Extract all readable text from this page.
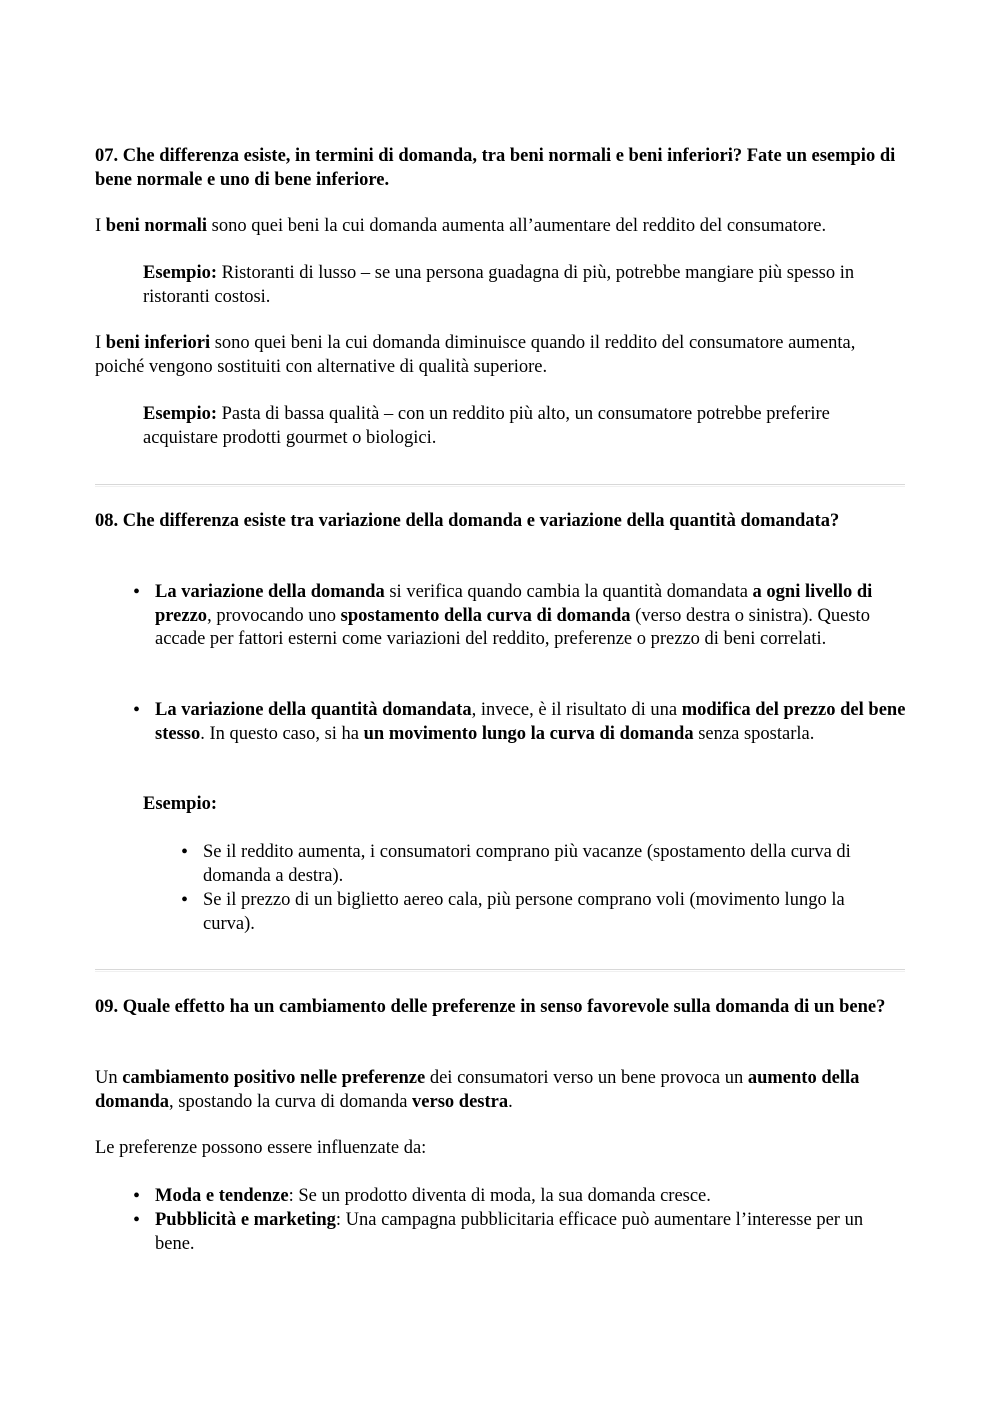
07. Che differenza esiste, in termini di domanda, tra beni normali e beni inferiori? Fate un esempio di bene normale e uno di bene inferiore.
I beni normali sono quei beni la cui domanda aumenta all’aumentare del reddito del consumatore.
Esempio: Ristoranti di lusso – se una persona guadagna di più, potrebbe mangiare più spesso in ristoranti costosi.
I beni inferiori sono quei beni la cui domanda diminuisce quando il reddito del consumatore aumenta, poiché vengono sostituiti con alternative di qualità superiore.
Esempio: Pasta di bassa qualità – con un reddito più alto, un consumatore potrebbe preferire acquistare prodotti gourmet o biologici.
08. Che differenza esiste tra variazione della domanda e variazione della quantità domandata?
• La variazione della domanda si verifica quando cambia la quantità domandata a ogni livello di prezzo, provocando uno spostamento della curva di domanda (verso destra o sinistra). Questo accade per fattori esterni come variazioni del reddito, preferenze o prezzo di beni correlati.
• La variazione della quantità domandata, invece, è il risultato di una modifica del prezzo del bene stesso. In questo caso, si ha un movimento lungo la curva di domanda senza spostarla.
Esempio:
• Se il reddito aumenta, i consumatori comprano più vacanze (spostamento della curva di domanda a destra).
• Se il prezzo di un biglietto aereo cala, più persone comprano voli (movimento lungo la curva).
09. Quale effetto ha un cambiamento delle preferenze in senso favorevole sulla domanda di un bene?
Un cambiamento positivo nelle preferenze dei consumatori verso un bene provoca un aumento della domanda, spostando la curva di domanda verso destra.
Le preferenze possono essere influenzate da:
• Moda e tendenze: Se un prodotto diventa di moda, la sua domanda cresce.
• Pubblicità e marketing: Una campagna pubblicitaria efficace può aumentare l’interesse per un bene.
